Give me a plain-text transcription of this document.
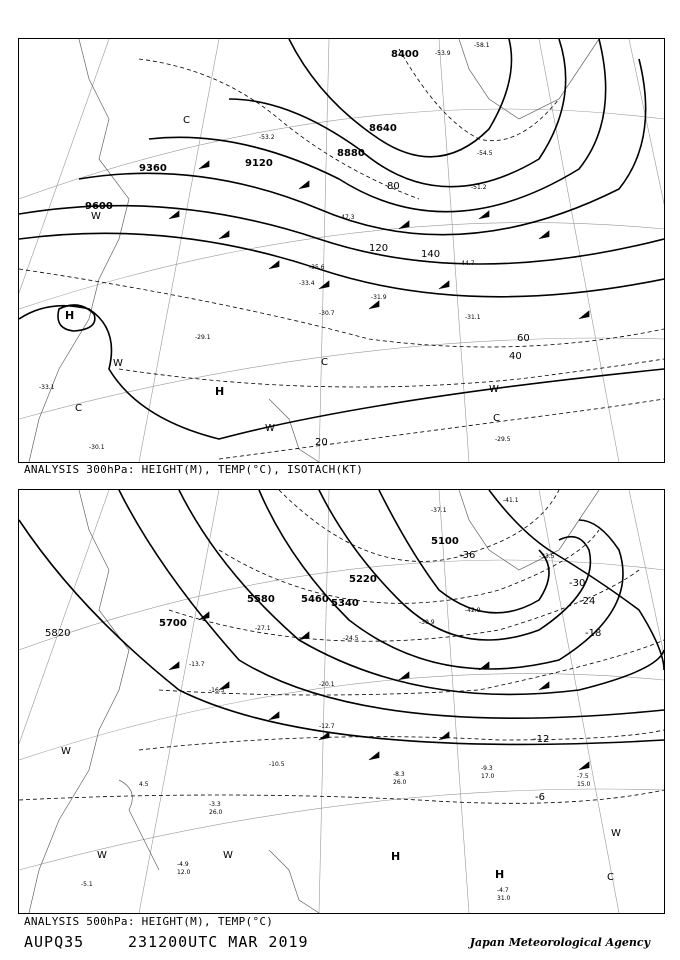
9600
9360	9120
8880
8640
8400
20
40
60
80
120
140
H
H
W
W
W
W
C
C
C
C
-29.5
-31.1
-30.1
-31.9
-33.4
-35.6
-44.7
-47.3
-53.2
-51.2
-54.5
-58.1
-53.9
-30.7
-29.1
-33.1
ANALYSIS 300hPa: HEIGHT(M), TEMP(°C), ISOTACH(KT)
5820
5700
5580	5460 5340
5220
5100
-6
-12
-18
-24
-30
-36
H
H
W
W	W
W
C
-7.5
-8.3
-9.3
-10.5
-12.7
-13.7
-16.5
-20.1
-24.5
-27.1
-30.9
-33.5
-37.1
-41.1
-42.9
-4.7
-3.3
-5.1
-4.9
17.0
26.0
31.0
15.0
12.0
4.5
26.0
ANALYSIS 500hPa: HEIGHT(M), TEMP(°C)
AUPQ35	231200UTC MAR 2019	Japan Meteorological Agency
